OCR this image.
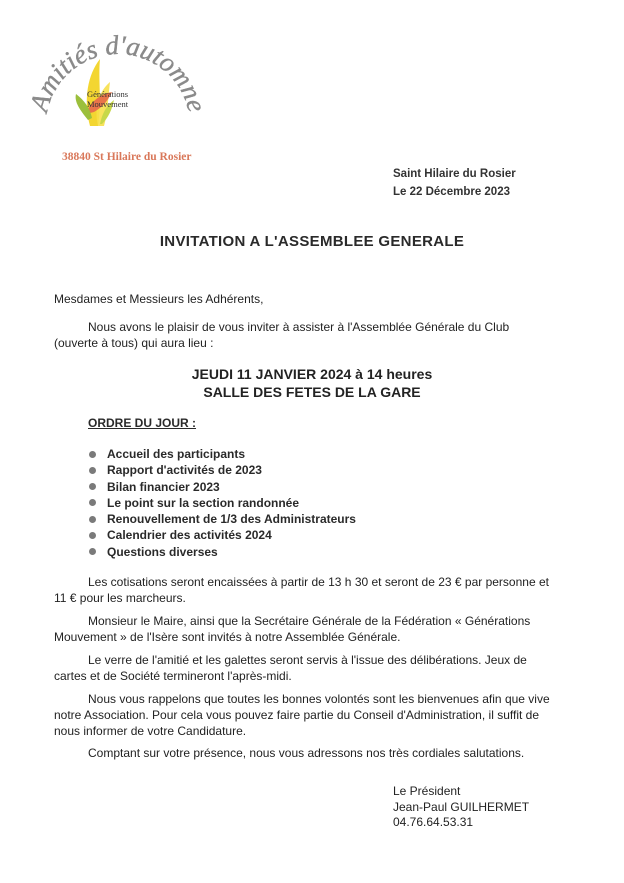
mitiés d'automn
Générations
Mouvement
38840 St Hilaire du Rosier
Saint Hilaire du Rosier
Le 22 Décembre 2023
INVITATION A L'ASSEMBLEE GENERALE

Mesdames et Messieurs les Adhérents,

Nous avons le plaisir de vous inviter à assister à l'Assemblée Générale du Club (ouverte à tous) qui aura lieu :

JEUDI 11 JANVIER 2024 à 14 heures
SALLE DES FETES DE LA GARE
ORDRE DU JOUR :
Accueil des participants
Rapport d'activités de 2023
Bilan financier 2023
Le point sur la section randonnée
Renouvellement de 1/3 des Administrateurs
Calendrier des activités 2024
Questions diverses

Les cotisations seront encaissées à partir de 13 h 30 et seront de 23 € par personne et 11 € pour les marcheurs.

Monsieur le Maire, ainsi que la Secrétaire Générale de la Fédération « Générations Mouvement » de l'Isère sont invités à notre Assemblée Générale.

Le verre de l'amitié et les galettes seront servis à l'issue des délibérations. Jeux de cartes et de Société termineront l'après-midi.

Nous vous rappelons que toutes les bonnes volontés sont les bienvenues afin que vive notre Association. Pour cela vous pouvez faire partie du Conseil d'Administration, il suffit de nous informer de votre Candidature.

Comptant sur votre présence, nous vous adressons nos très cordiales salutations.

Le Président
Jean-Paul GUILHERMET
04.76.64.53.31
